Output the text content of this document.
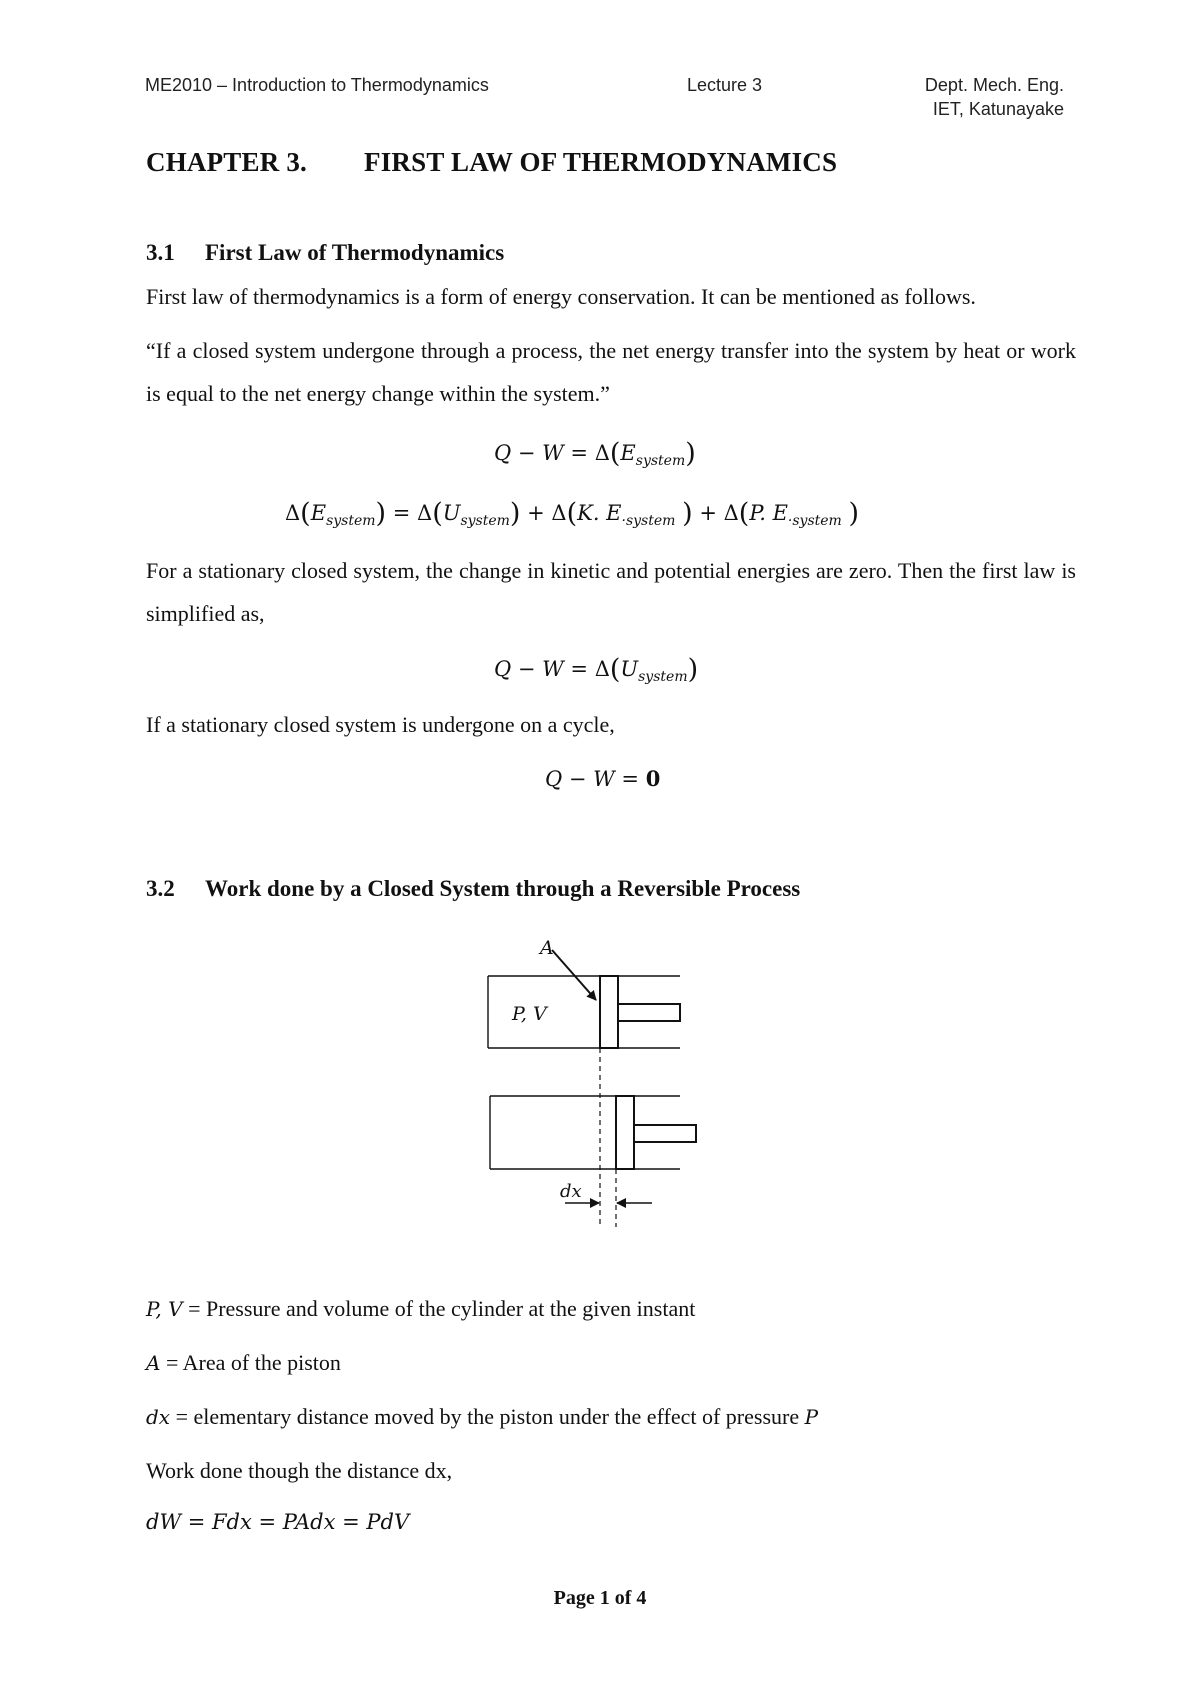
ME2010 – Introduction to Thermodynamics	Lecture 3	Dept. Mech. Eng.
IET, Katunayake
CHAPTER 3. FIRST LAW OF THERMODYNAMICS
3.1 First Law of Thermodynamics
First law of thermodynamics is a form of energy conservation. It can be mentioned as follows.
“If a closed system undergone through a process, the net energy transfer into the system by heat or work is equal to the net energy change within the system.”
$Q - W = \Delta(E_{system})$
$\Delta(E_{system}) = \Delta(U_{system}) + \Delta(K$. $E_{\cdot system}$ ) + Δ(P. $E_{\cdot system}$ )
For a stationary closed system, the change in kinetic and potential energies are zero. Then the first law is simplified as,
$Q - W = \Delta(U_{system})$
If a stationary closed system is undergone on a cycle,
Q − W = 0
3.2 Work done by a Closed System through a Reversible Process
A
P, V
dx
P, V = Pressure and volume of the cylinder at the given instant
A = Area of the piston
dx = elementary distance moved by the piston under the effect of pressure P
Work done though the distance dx,
dW = Fdx = PAdx = PdV
Page 1 of 4
